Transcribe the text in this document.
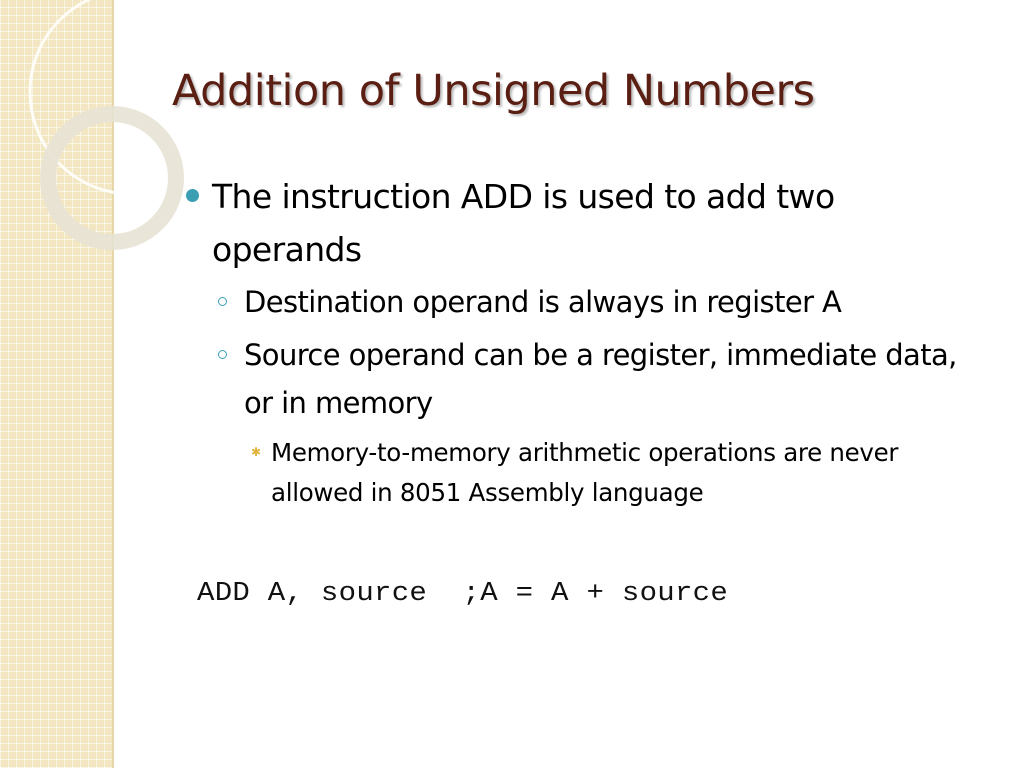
Addition of Unsigned Numbers
The instruction ADD is used to add two operands
Destination operand is always in register A
Source operand can be a register, immediate data, or in memory
✱ Memory-to-memory arithmetic operations are never allowed in 8051 Assembly language
ADD A, source  ;A = A + source
